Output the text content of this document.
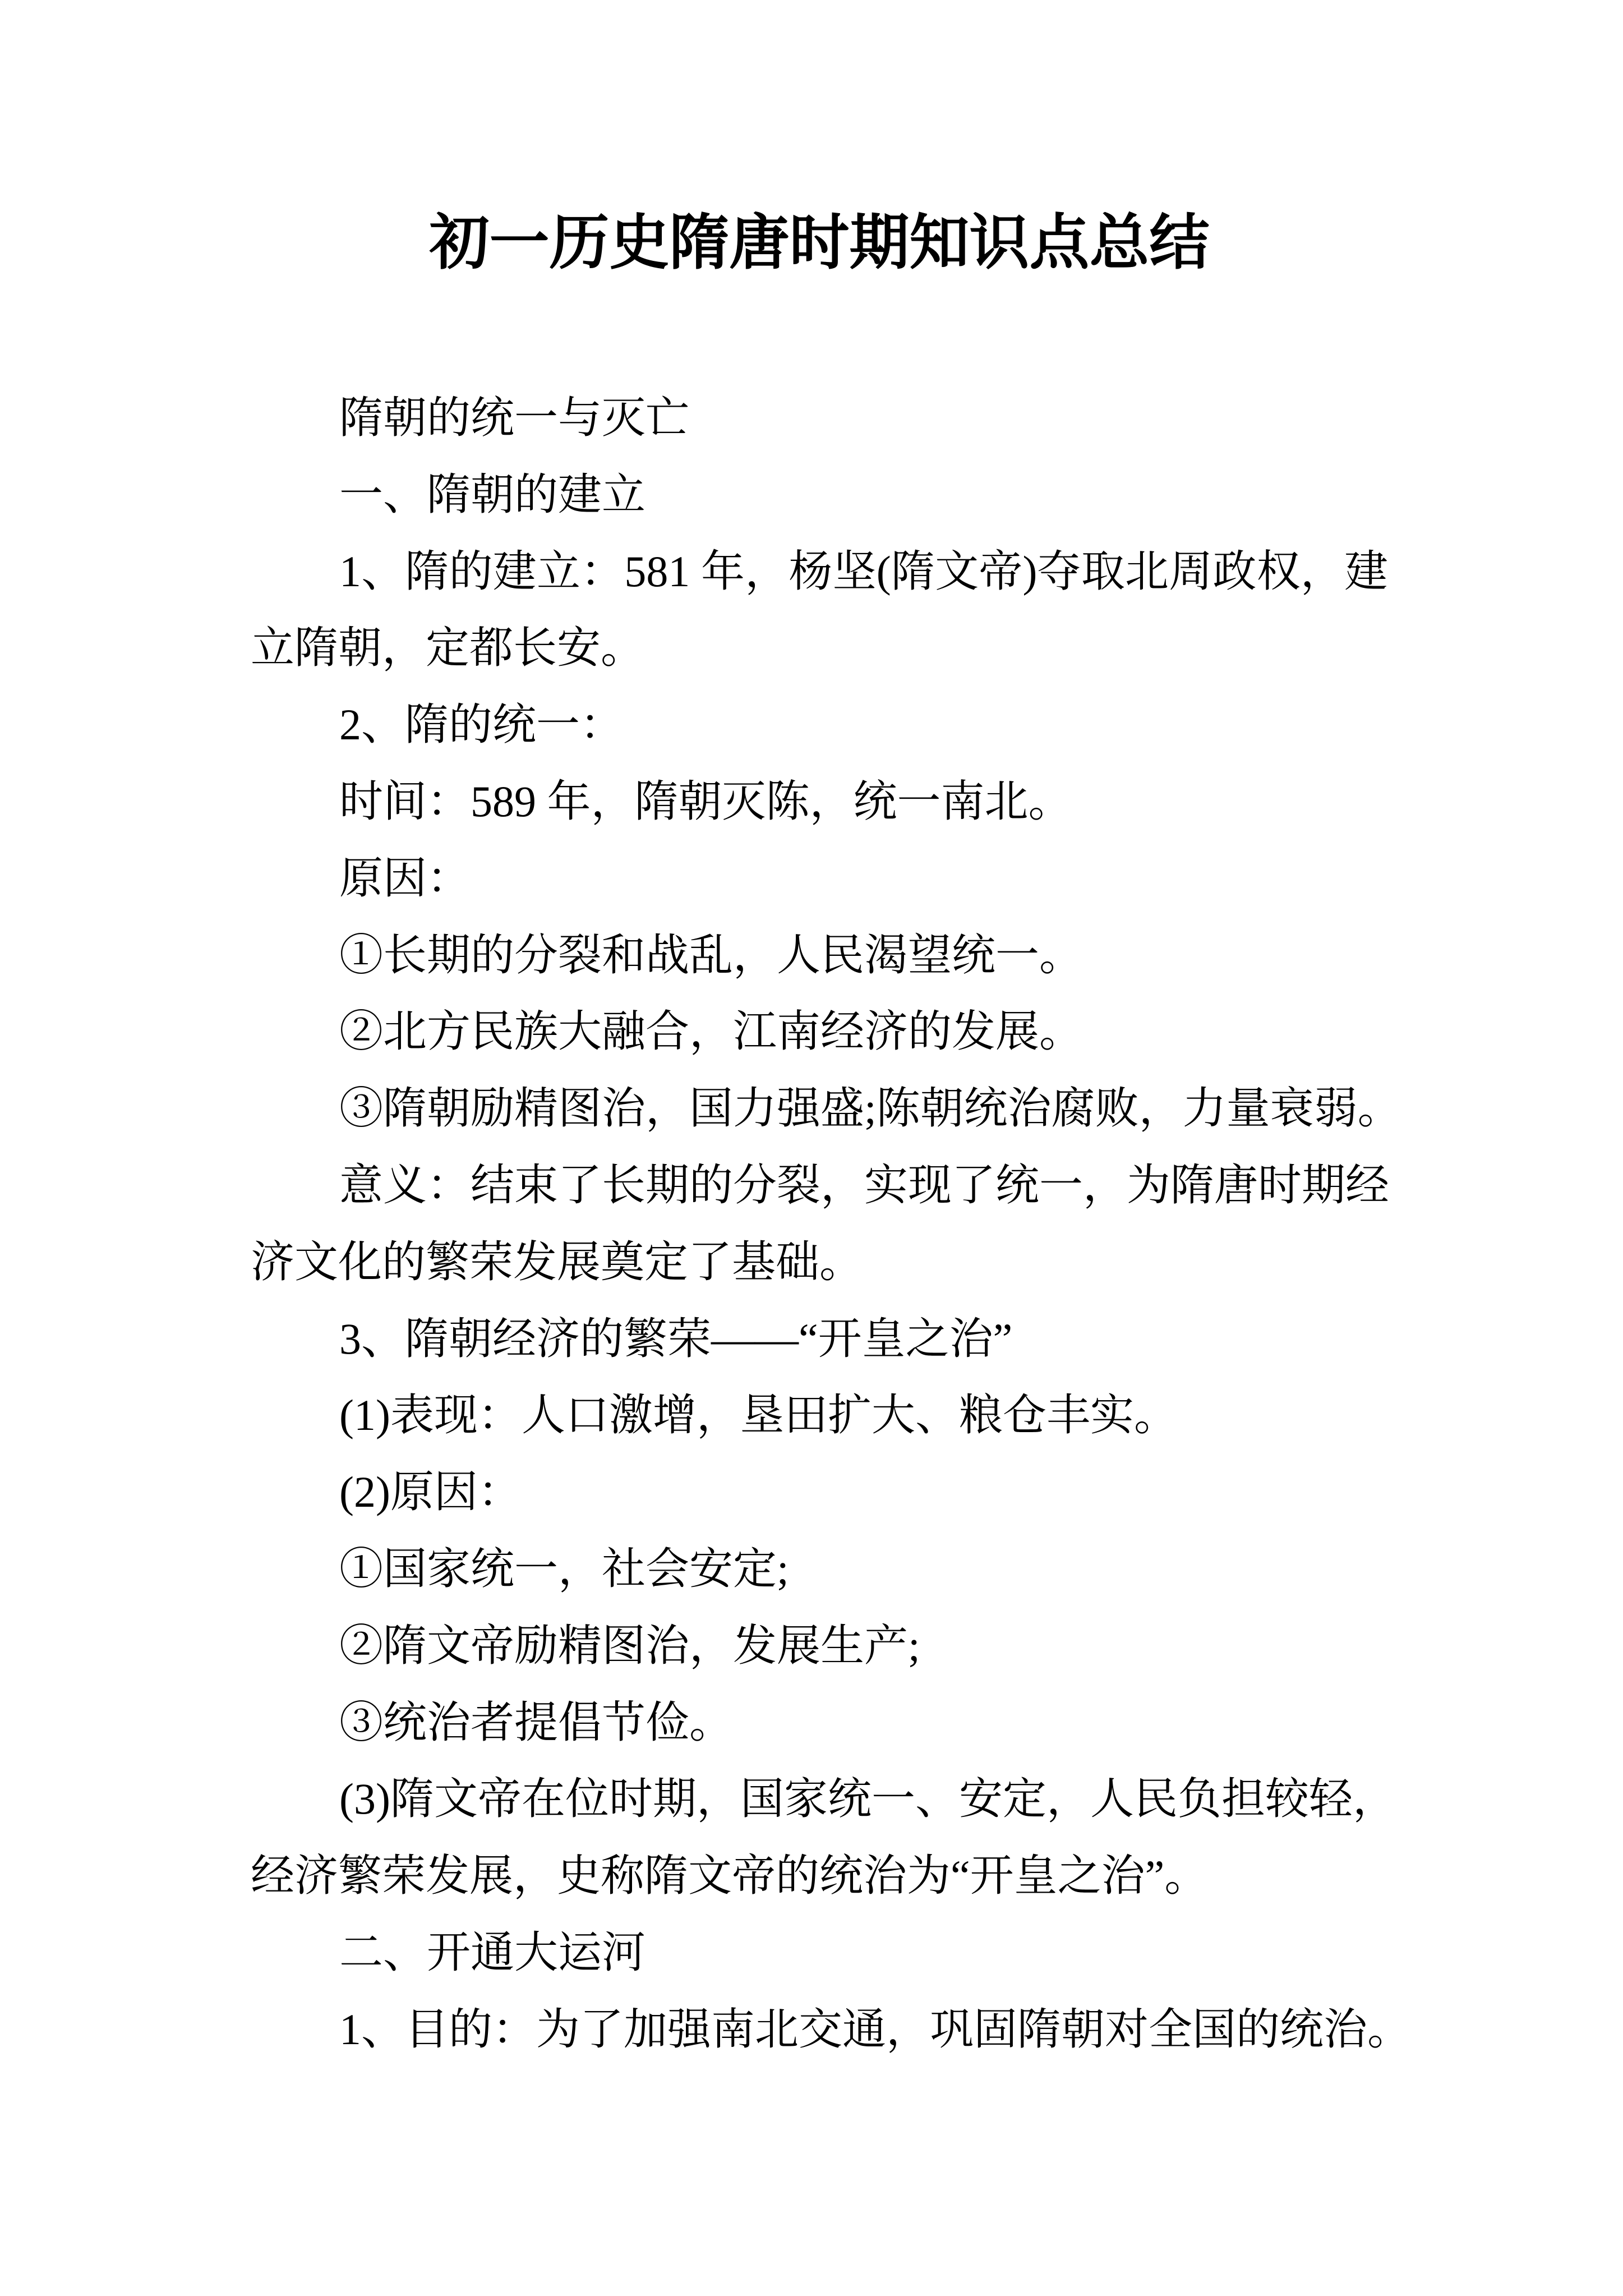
初一历史隋唐时期知识点总结

隋朝的统一与灭亡

一、隋朝的建立

1、隋的建立：581 年，杨坚(隋文帝)夺取北周政权，建
立隋朝，定都长安。

2、隋的统一：

时间：589 年，隋朝灭陈，统一南北。

原因：

①长期的分裂和战乱，人民渴望统一。

②北方民族大融合，江南经济的发展。

③隋朝励精图治，国力强盛;陈朝统治腐败，力量衰弱。

意义：结束了长期的分裂，实现了统一，为隋唐时期经
济文化的繁荣发展奠定了基础。

3、隋朝经济的繁荣——“开皇之治”

(1)表现：人口激增，垦田扩大、粮仓丰实。

(2)原因：

①国家统一，社会安定;

②隋文帝励精图治，发展生产;

③统治者提倡节俭。

(3)隋文帝在位时期，国家统一、安定，人民负担较轻，
经济繁荣发展，史称隋文帝的统治为“开皇之治”。

二、开通大运河

1、目的：为了加强南北交通，巩固隋朝对全国的统治。
